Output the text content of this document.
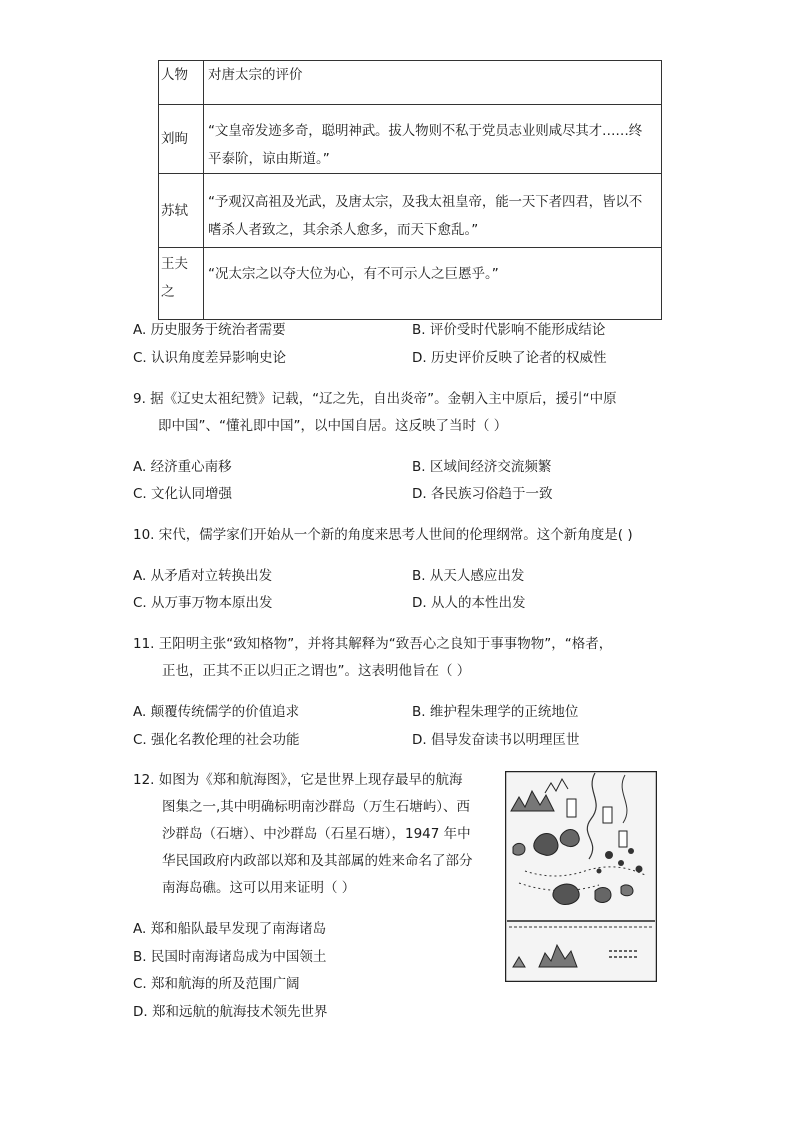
人物	对唐太宗的评价
刘昫	“文皇帝发迹多奇，聪明神武。拔人物则不私于党员志业则咸尽其才……终
平泰阶，谅由斯道。”

苏轼	“予观汉高祖及光武，及唐太宗，及我太祖皇帝，能一天下者四君，皆以不
嗜杀人者致之，其余杀人愈多，而天下愈乱。”

王夫
之	“况太宗之以夺大位为心，有不可示人之巨慝乎。”
A. 历史服务于统治者需要	B. 评价受时代影响不能形成结论
C. 认识角度差异影响史论	D. 历史评价反映了论者的权威性
9. 据《辽史太祖纪赞》记载，“辽之先，自出炎帝”。金朝入主中原后，援引“中原
即中国”、“懂礼即中国”，以中国自居。这反映了当时（ ）
A. 经济重心南移	B. 区域间经济交流频繁
C. 文化认同增强	D. 各民族习俗趋于一致
10. 宋代，儒学家们开始从一个新的角度来思考人世间的伦理纲常。这个新角度是( )
A. 从矛盾对立转换出发	B. 从天人感应出发
C. 从万事万物本原出发	D. 从人的本性出发
11. 王阳明主张“致知格物”，并将其解释为“致吾心之良知于事事物物”，“格者，
正也，正其不正以归正之谓也”。这表明他旨在（ ）
A. 颠覆传统儒学的价值追求	B. 维护程朱理学的正统地位
C. 强化名教伦理的社会功能	D. 倡导发奋读书以明理匡世
12. 如图为《郑和航海图》，它是世界上现存最早的航海
图集之一,其中明确标明南沙群岛（万生石塘屿）、西
沙群岛（石塘）、中沙群岛（石星石塘），1947 年中
华民国政府内政部以郑和及其部属的姓来命名了部分
南海岛礁。这可以用来证明（ ）
A. 郑和船队最早发现了南海诸岛
B. 民国时南海诸岛成为中国领土
C. 郑和航海的所及范围广阔
D. 郑和远航的航海技术领先世界
